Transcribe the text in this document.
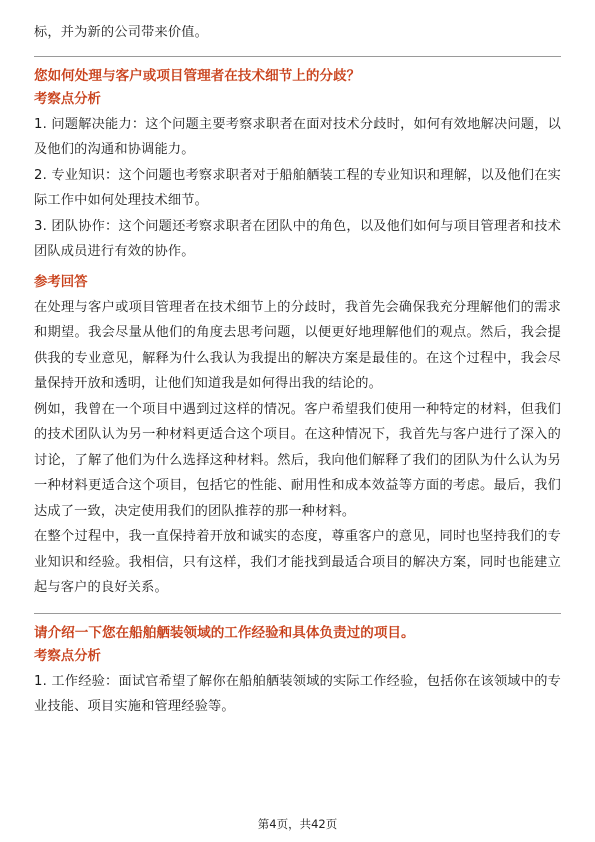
标，并为新的公司带来价值。

您如何处理与客户或项目管理者在技术细节上的分歧？

考察点分析

1. 问题解决能力：这个问题主要考察求职者在面对技术分歧时，如何有效地解决问题，以及他们的沟通和协调能力。

2. 专业知识：这个问题也考察求职者对于船舶舾装工程的专业知识和理解，以及他们在实际工作中如何处理技术细节。

3. 团队协作：这个问题还考察求职者在团队中的角色，以及他们如何与项目管理者和技术团队成员进行有效的协作。

参考回答

在处理与客户或项目管理者在技术细节上的分歧时，我首先会确保我充分理解他们的需求和期望。我会尽量从他们的角度去思考问题，以便更好地理解他们的观点。然后，我会提供我的专业意见，解释为什么我认为我提出的解决方案是最佳的。在这个过程中，我会尽量保持开放和透明，让他们知道我是如何得出我的结论的。

例如，我曾在一个项目中遇到过这样的情况。客户希望我们使用一种特定的材料，但我们的技术团队认为另一种材料更适合这个项目。在这种情况下，我首先与客户进行了深入的讨论，了解了他们为什么选择这种材料。然后，我向他们解释了我们的团队为什么认为另一种材料更适合这个项目，包括它的性能、耐用性和成本效益等方面的考虑。最后，我们达成了一致，决定使用我们的团队推荐的那一种材料。

在整个过程中，我一直保持着开放和诚实的态度，尊重客户的意见，同时也坚持我们的专业知识和经验。我相信，只有这样，我们才能找到最适合项目的解决方案，同时也能建立起与客户的良好关系。

请介绍一下您在船舶舾装领域的工作经验和具体负责过的项目。

考察点分析

1. 工作经验：面试官希望了解你在船舶舾装领域的实际工作经验，包括你在该领域中的专业技能、项目实施和管理经验等。

第4页，共42页
